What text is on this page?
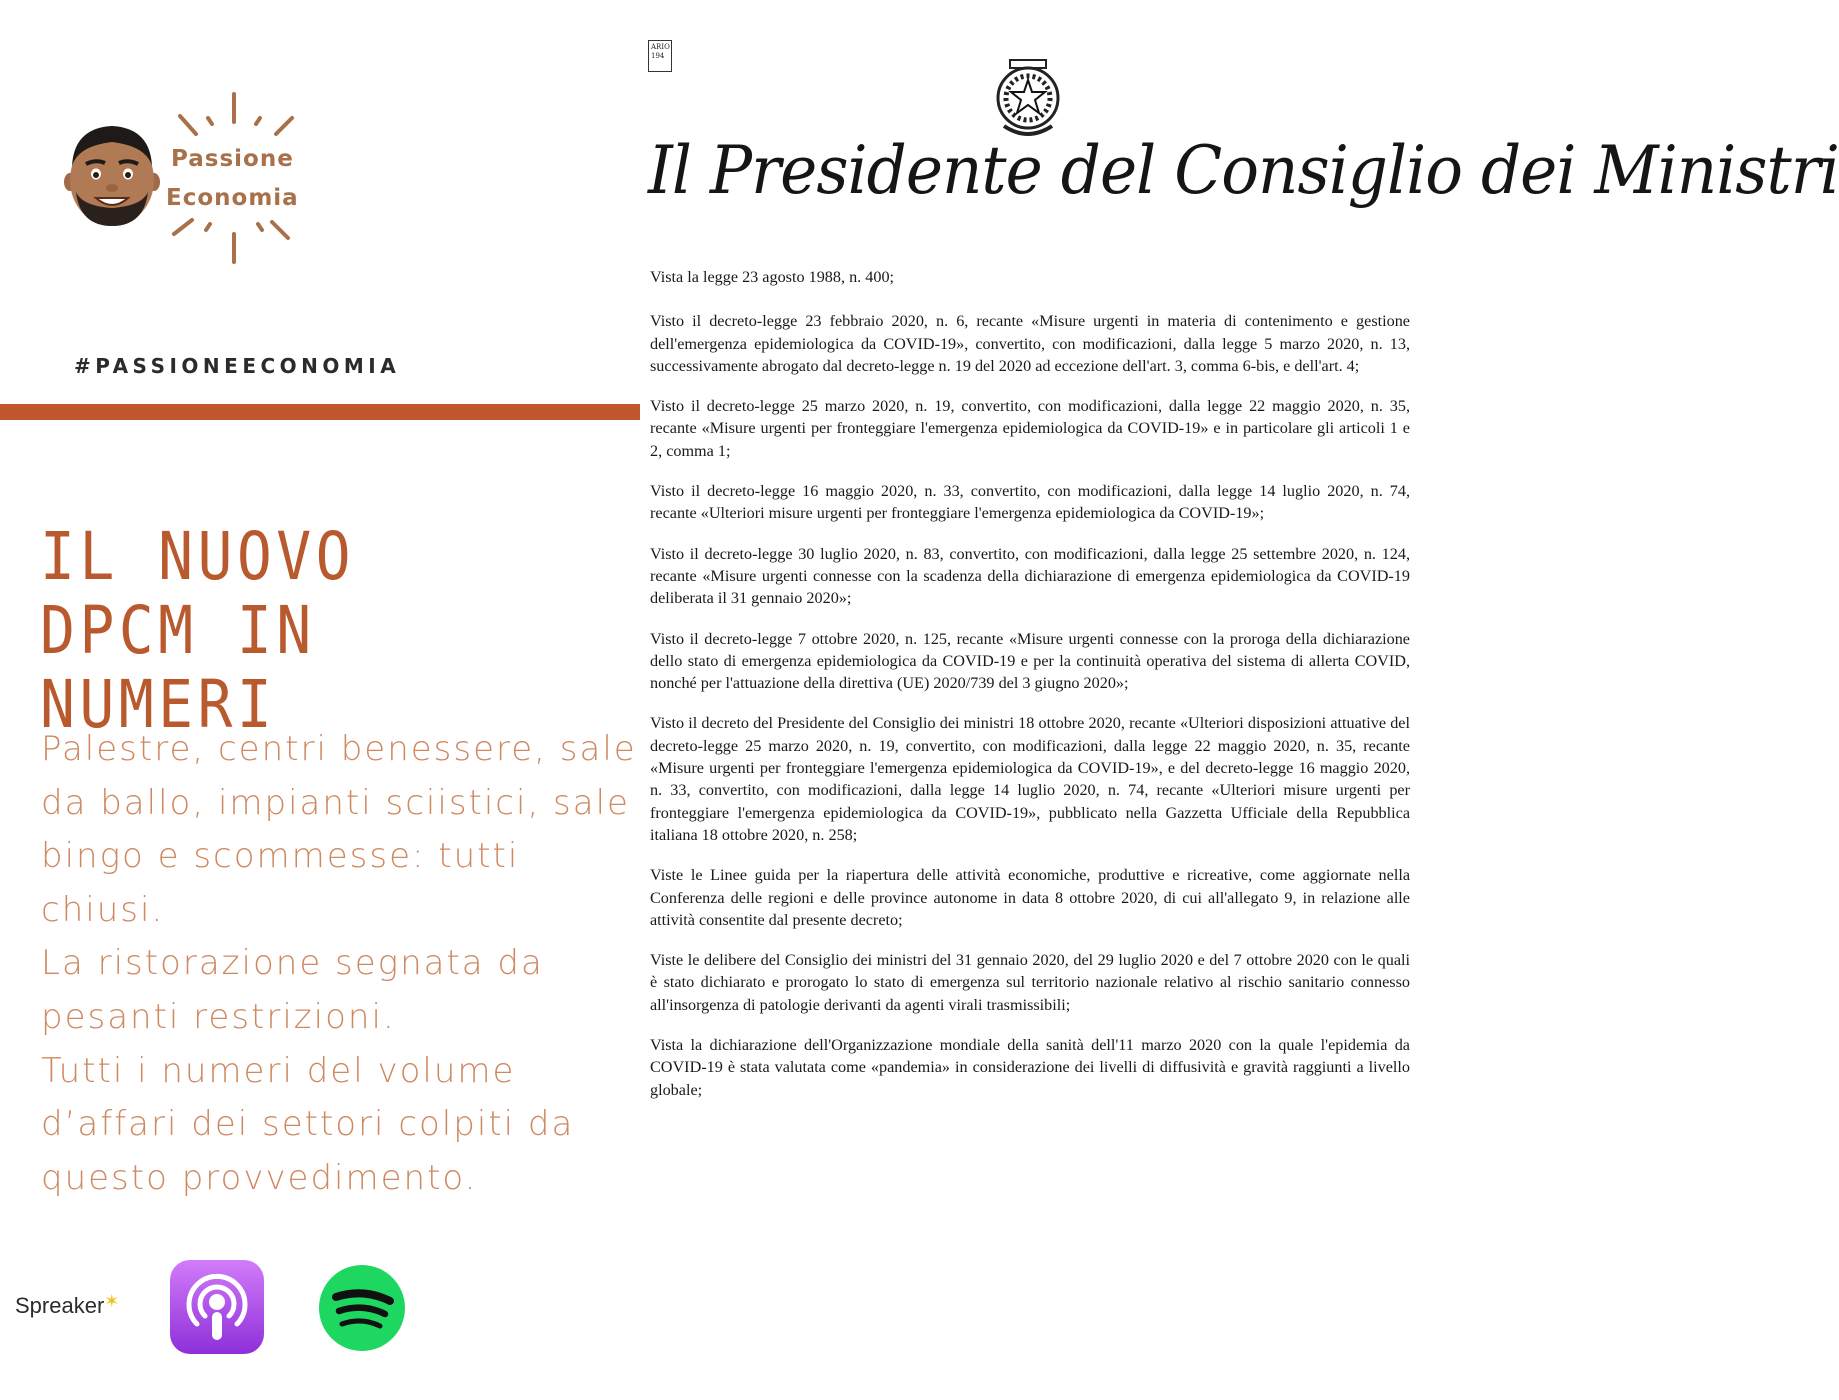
Passione
Economia
#PASSIONEECONOMIA
IL NUOVO DPCM IN NUMERI

Palestre, centri benessere, sale da ballo, impianti sciistici, sale bingo e scommesse: tutti chiusi.

La ristorazione segnata da pesanti restrizioni.

Tutti i numeri del volume d’affari dei settori colpiti da questo provvedimento.

Spreaker✶
ARIO
194
Il Presidente del Consiglio dei Ministri

Vista la legge 23 agosto 1988, n. 400;

Visto il decreto-legge 23 febbraio 2020, n. 6, recante «Misure urgenti in materia di contenimento e gestione dell'emergenza epidemiologica da COVID-19», convertito, con modificazioni, dalla legge 5 marzo 2020, n. 13, successivamente abrogato dal decreto-legge n. 19 del 2020 ad eccezione dell'art. 3, comma 6-bis, e dell'art. 4;

Visto il decreto-legge 25 marzo 2020, n. 19, convertito, con modificazioni, dalla legge 22 maggio 2020, n. 35, recante «Misure urgenti per fronteggiare l'emergenza epidemiologica da COVID-19» e in particolare gli articoli 1 e 2, comma 1;

Visto il decreto-legge 16 maggio 2020, n. 33, convertito, con modificazioni, dalla legge 14 luglio 2020, n. 74, recante «Ulteriori misure urgenti per fronteggiare l'emergenza epidemiologica da COVID-19»;

Visto il decreto-legge 30 luglio 2020, n. 83, convertito, con modificazioni, dalla legge 25 settembre 2020, n. 124, recante «Misure urgenti connesse con la scadenza della dichiarazione di emergenza epidemiologica da COVID-19 deliberata il 31 gennaio 2020»;

Visto il decreto-legge 7 ottobre 2020, n. 125, recante «Misure urgenti connesse con la proroga della dichiarazione dello stato di emergenza epidemiologica da COVID-19 e per la continuità operativa del sistema di allerta COVID, nonché per l'attuazione della direttiva (UE) 2020/739 del 3 giugno 2020»;

Visto il decreto del Presidente del Consiglio dei ministri 18 ottobre 2020, recante «Ulteriori disposizioni attuative del decreto-legge 25 marzo 2020, n. 19, convertito, con modificazioni, dalla legge 22 maggio 2020, n. 35, recante «Misure urgenti per fronteggiare l'emergenza epidemiologica da COVID-19», e del decreto-legge 16 maggio 2020, n. 33, convertito, con modificazioni, dalla legge 14 luglio 2020, n. 74, recante «Ulteriori misure urgenti per fronteggiare l'emergenza epidemiologica da COVID-19», pubblicato nella Gazzetta Ufficiale della Repubblica italiana 18 ottobre 2020, n. 258;

Viste le Linee guida per la riapertura delle attività economiche, produttive e ricreative, come aggiornate nella Conferenza delle regioni e delle province autonome in data 8 ottobre 2020, di cui all'allegato 9, in relazione alle attività consentite dal presente decreto;

Viste le delibere del Consiglio dei ministri del 31 gennaio 2020, del 29 luglio 2020 e del 7 ottobre 2020 con le quali è stato dichiarato e prorogato lo stato di emergenza sul territorio nazionale relativo al rischio sanitario connesso all'insorgenza di patologie derivanti da agenti virali trasmissibili;

Vista la dichiarazione dell'Organizzazione mondiale della sanità dell'11 marzo 2020 con la quale l'epidemia da COVID-19 è stata valutata come «pandemia» in considerazione dei livelli di diffusività e gravità raggiunti a livello globale;
